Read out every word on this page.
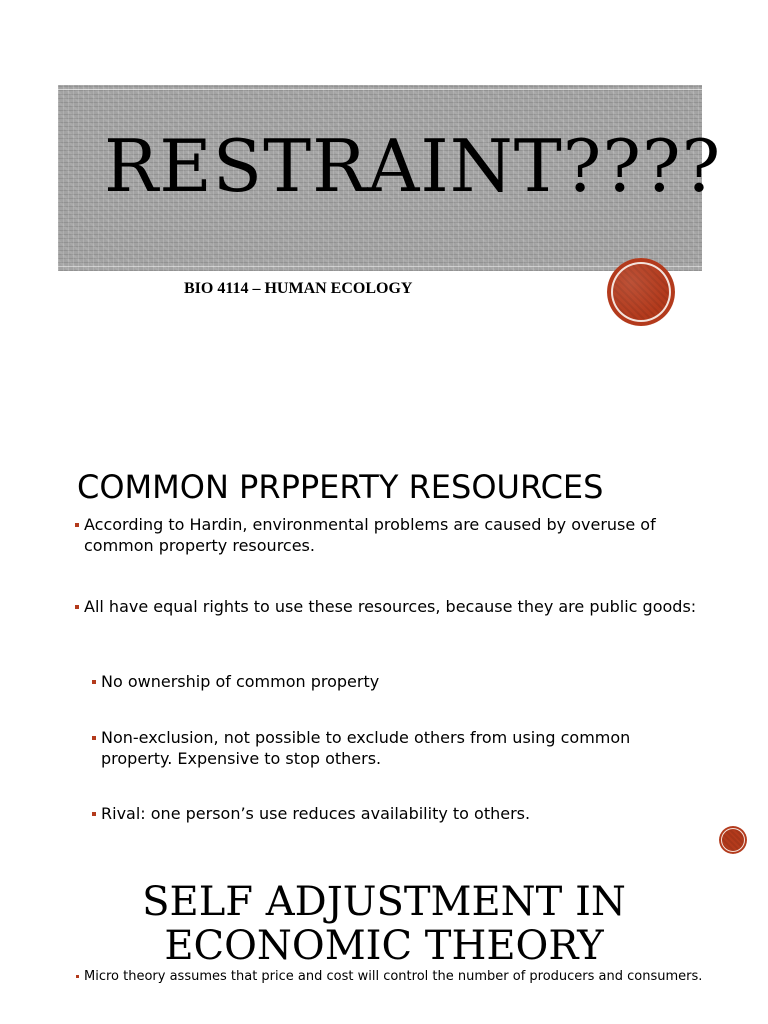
RESTRAINT????
BIO 4114 – HUMAN ECOLOGY
COMMON PRPPERTY RESOURCES
According to Hardin, environmental problems are caused by overuse of common property resources.
All have equal rights to use these resources, because they are public goods:
No ownership of common property
Non-exclusion, not possible to exclude others from using common property. Expensive to stop others.
Rival: one person’s use reduces availability to others.
SELF ADJUSTMENT IN
ECONOMIC THEORY
Micro theory assumes that price and cost will control the number of producers and consumers.
